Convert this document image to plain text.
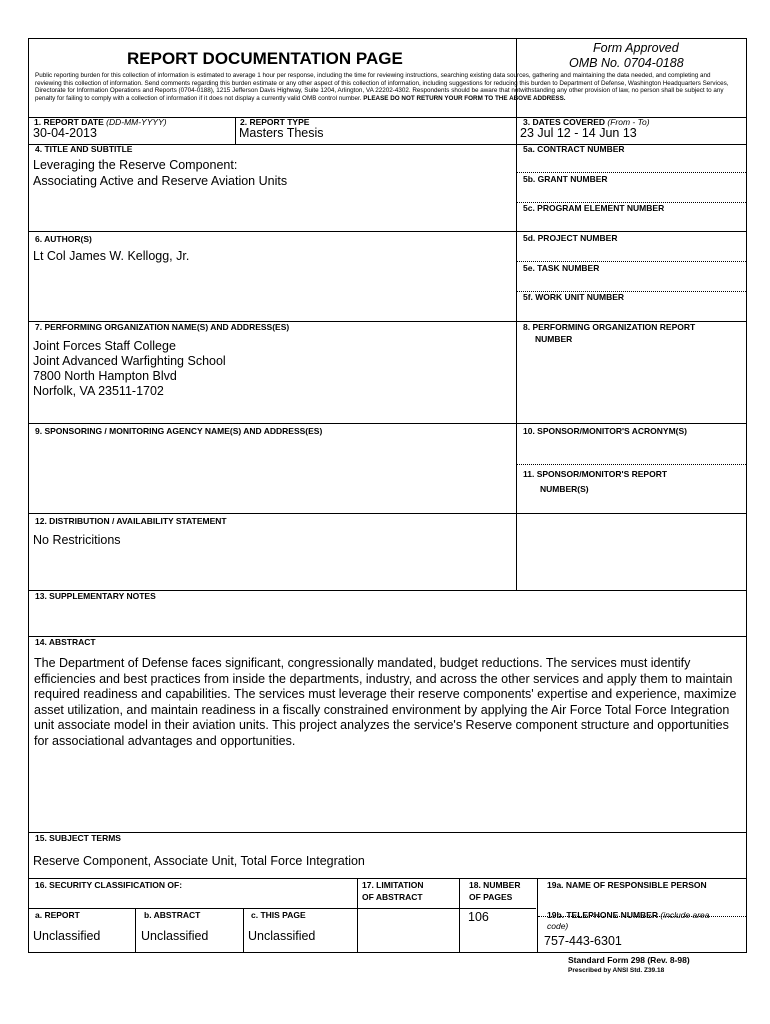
REPORT DOCUMENTATION PAGE
Form Approved
OMB No. 0704-0188
Public reporting burden for this collection of information is estimated to average 1 hour per response, including the time for reviewing instructions, searching existing data sources, gathering and maintaining the data needed, and completing and reviewing this collection of information. Send comments regarding this burden estimate or any other aspect of this collection of information, including suggestions for reducing this burden to Department of Defense, Washington Headquarters Services, Directorate for Information Operations and Reports (0704-0188), 1215 Jefferson Davis Highway, Suite 1204, Arlington, VA 22202-4302. Respondents should be aware that notwithstanding any other provision of law, no person shall be subject to any penalty for failing to comply with a collection of information if it does not display a currently valid OMB control number. PLEASE DO NOT RETURN YOUR FORM TO THE ABOVE ADDRESS.
1. REPORT DATE (DD-MM-YYYY)
30-04-2013
2. REPORT TYPE
Masters Thesis
3. DATES COVERED (From - To)
23 Jul 12 - 14 Jun 13
4. TITLE AND SUBTITLE
Leveraging the Reserve Component:
Associating Active and Reserve Aviation Units
5a. CONTRACT NUMBER
5b. GRANT NUMBER
5c. PROGRAM ELEMENT NUMBER
6. AUTHOR(S)
Lt Col James W. Kellogg, Jr.
5d. PROJECT NUMBER
5e. TASK NUMBER
5f. WORK UNIT NUMBER
7. PERFORMING ORGANIZATION NAME(S) AND ADDRESS(ES)
Joint Forces Staff College
Joint Advanced Warfighting School
7800 North Hampton Blvd
Norfolk, VA 23511-1702
8. PERFORMING ORGANIZATION REPORT
NUMBER
9. SPONSORING / MONITORING AGENCY NAME(S) AND ADDRESS(ES)	10. SPONSOR/MONITOR'S ACRONYM(S)
11. SPONSOR/MONITOR'S REPORT
NUMBER(S)
12. DISTRIBUTION / AVAILABILITY STATEMENT
No Restricitions
13. SUPPLEMENTARY NOTES
14. ABSTRACT
The Department of Defense faces significant, congressionally mandated, budget reductions. The services must identify efficiencies and best practices from inside the departments, industry, and across the other services and apply them to maintain required readiness and capabilities. The services must leverage their reserve components' expertise and experience, maximize asset utilization, and maintain readiness in a fiscally constrained environment by applying the Air Force Total Force Integration unit associate model in their aviation units. This project analyzes the service's Reserve component structure and opportunities for associational advantages and opportunities.
15. SUBJECT TERMS
Reserve Component, Associate Unit, Total Force Integration
16. SECURITY CLASSIFICATION OF:	17. LIMITATION
OF ABSTRACT
18. NUMBER
OF PAGES
19a. NAME OF RESPONSIBLE PERSON
a. REPORT
Unclassified
b. ABSTRACT
Unclassified
c. THIS PAGE
Unclassified
106	19b. TELEPHONE NUMBER (include area
code)
757-443-6301
Standard Form 298 (Rev. 8-98)
Prescribed by ANSI Std. Z39.18
